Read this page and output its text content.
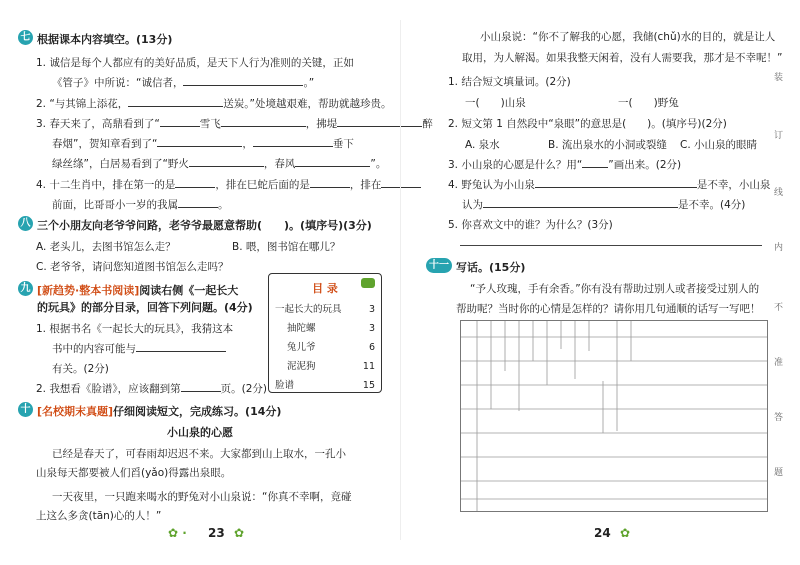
七 根据课本内容填空。(13分)
1. 诚信是每个人都应有的美好品质，是天下人行为准则的关键，正如
《管子》中所说：“诚信者，	。”
2. “与其锦上添花，	送炭。”处境越艰难，帮助就越珍贵。
3. 春天来了，高鼎看到了“	雪飞	，拂堤	醉
春烟”，贺知章看到了“	，	垂下
绿丝绦”，白居易看到了“野火	，春风	”。
4. 十二生肖中，排在第一的是	，排在巳蛇后面的是	，排在
前面，比哥哥小一岁的我属	。
八 三个小朋友向老爷爷问路，老爷爷最愿意帮助(　　)。(填序号)(3分)
A. 老头儿，去图书馆怎么走？	B. 喂，图书馆在哪儿？
C. 老爷爷，请问您知道图书馆怎么走吗？
九 [新趋势·整本书阅读]阅读右侧《一起长大
的玩具》的部分目录，回答下列问题。(4分)
1. 根据书名《一起长大的玩具》，我猜这本
书中的内容可能与
有关。(2分)
2. 我想看《脸谱》，应该翻到第	页。(2分)
目 录
一起长大的玩具	3
抽陀螺	3
兔儿爷	6
泥泥狗	11
脸谱	15
十 [名校期末真题]仔细阅读短文，完成练习。(14分)
小山泉的心愿
已经是春天了，可春雨却迟迟不来。大家都到山上取水，一孔小
山泉每天都要被人们舀(yǎo)得露出泉眼。
一天夜里，一只跑来喝水的野兔对小山泉说：“你真不幸啊，竟碰
上这么多贪(tān)心的人！”
✿ · 23 ✿
小山泉说：“你不了解我的心愿，我储(chǔ)水的目的，就是让人
取用，为人解渴。如果我整天闲着，没有人需要我，那才是不幸呢！”
1. 结合短文填量词。(2分)
一(　　)山泉	一(　　)野兔
2. 短文第 1 自然段中“泉眼”的意思是(　　)。(填序号)(2分)
A. 泉水	B. 流出泉水的小洞或裂缝 C. 小山泉的眼睛
3. 小山泉的心愿是什么？用“ ”画出来。(2分)
4. 野兔认为小山泉	是不幸，小山泉
认为	是不幸。(4分)
5. 你喜欢文中的谁？为什么？(3分)
十一 写话。(15分)
“予人玫瑰，手有余香。”你有没有帮助过别人或者接受过别人的
帮助呢？当时你的心情是怎样的？请你用几句通顺的话写一写吧！
24 ✿
装
订
线
内
不
准
答
题
